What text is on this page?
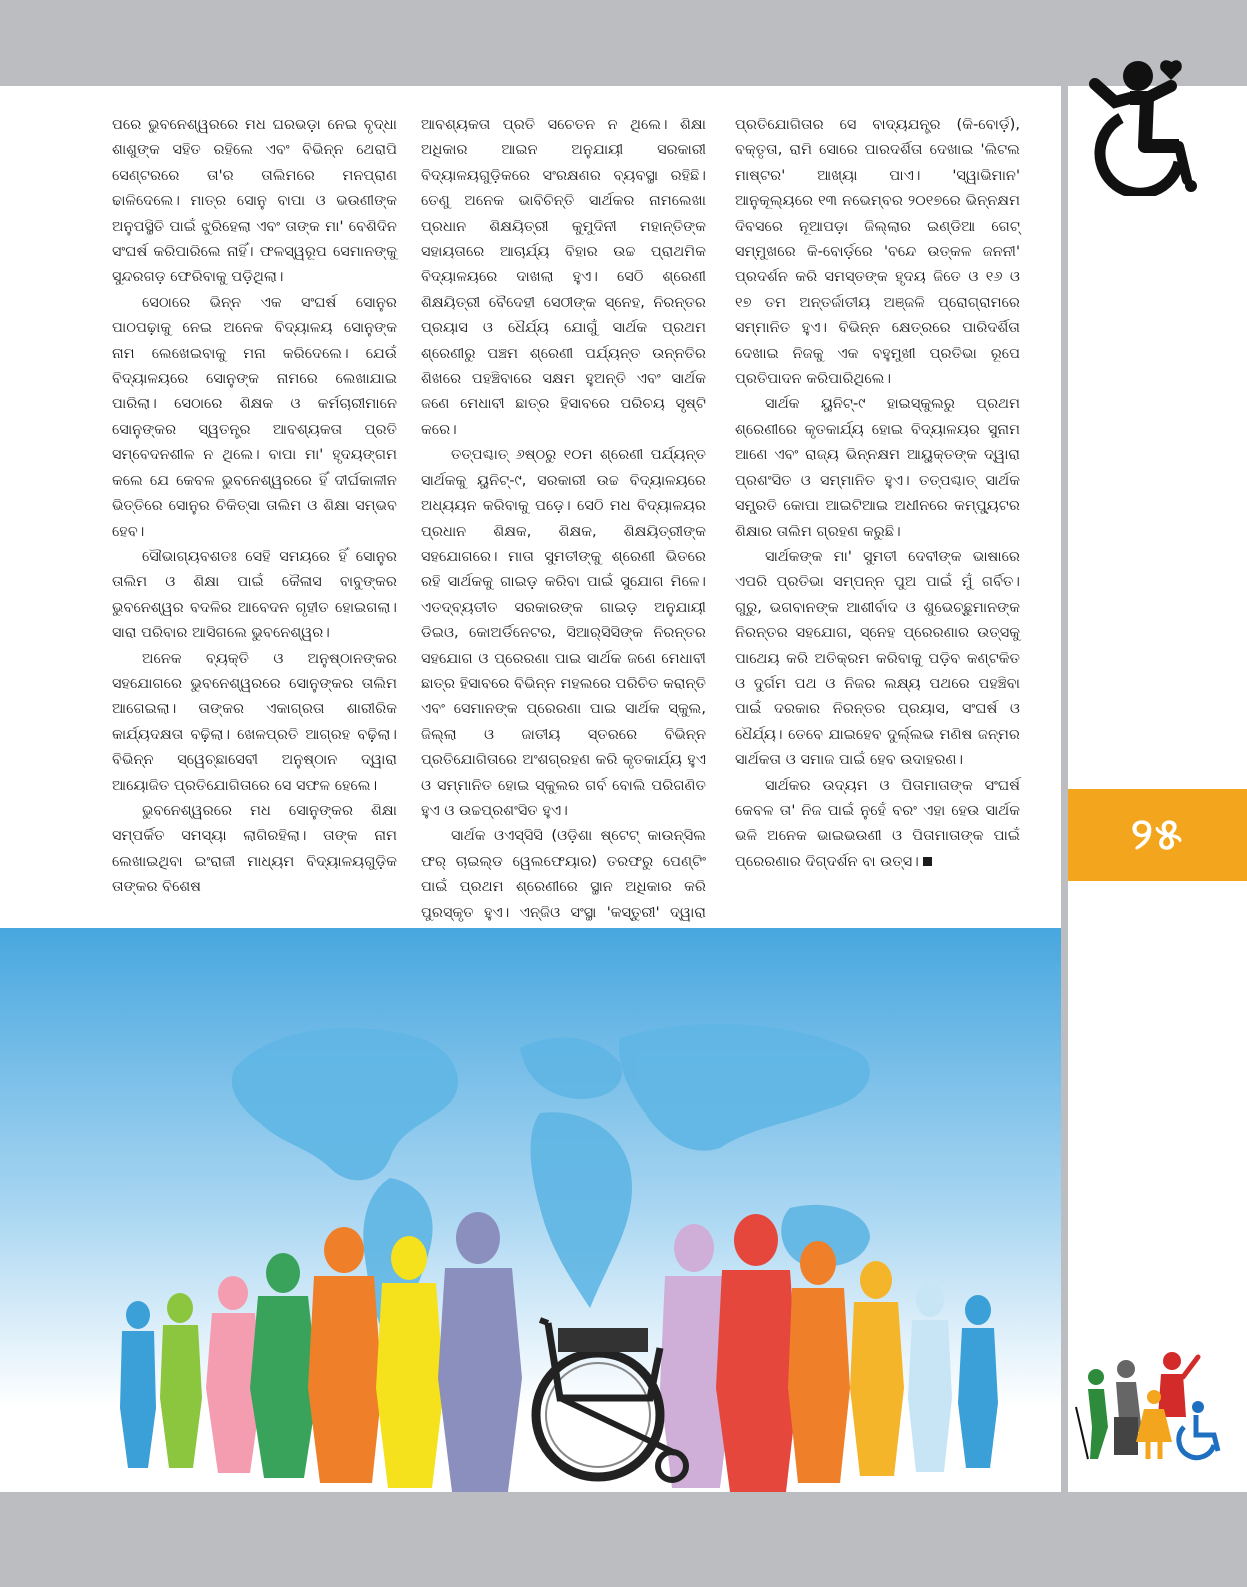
ପରେ ଭୁବନେଶ୍ୱରରେ ମଧ ଘରଭଡ଼ା ନେଇ ବୃଦ୍ଧା ଶାଶୁଙ୍କ ସହିତ ରହିଲେ ଏବଂ ବିଭିନ୍ନ ଥେରାପି ସେଣ୍ଟରରେ ତା'ର ତାଲିମରେ ମନପ୍ରାଣ ଢାଳିଦେଲେ। ମାତ୍ର ସୋନୁ ବାପା ଓ ଭଉଣୀଙ୍କ ଅନୁପସ୍ଥିତି ପାଇଁ ଝୁରିହେଲା ଏବଂ ତାଙ୍କ ମା' ବେଶିଦିନ ସଂଘର୍ଷ କରିପାରିଲେ ନାହିଁ। ଫଳସ୍ୱରୂପ ସେମାନଙ୍କୁ ସୁନ୍ଦରଗଡ଼ ଫେରିବାକୁ ପଡ଼ିଥିଲା।

ସେଠାରେ ଭିନ୍ନ ଏକ ସଂଘର୍ଷ ସୋନୁର ପାଠପଢ଼ାକୁ ନେଇ ଅନେକ ବିଦ୍ୟାଳୟ ସୋନୁଙ୍କ ନାମ ଲେଖେଇବାକୁ ମନା କରିଦେଲେ। ଯେଉଁ ବିଦ୍ୟାଳୟରେ ସୋନୁଙ୍କ ନାମରେ ଲେଖାଯାଇ ପାରିଲା। ସେଠାରେ ଶିକ୍ଷକ ଓ କର୍ମଚାରୀମାନେ ସୋନୁଙ୍କର ସ୍ୱତନ୍ତ୍ର ଆବଶ୍ୟକତା ପ୍ରତି ସମ୍ବେଦନଶୀଳ ନ ଥିଲେ। ବାପା ମା' ହୃଦୟଙ୍ଗମ କଲେ ଯେ କେବଳ ଭୁବନେଶ୍ୱରରେ ହିଁ ଦୀର୍ଘକାଳୀନ ଭିତ୍ତିରେ ସୋନୁର ଚିକିତ୍ସା ତାଲିମ ଓ ଶିକ୍ଷା ସମ୍ଭବ ହେବ।

ସୌଭାଗ୍ୟବଶତଃ ସେହି ସମୟରେ ହିଁ ସୋନୁର ତାଲିମ ଓ ଶିକ୍ଷା ପାଇଁ କୈଳାସ ବାବୁଙ୍କର ଭୁବନେଶ୍ୱର ବଦଳିର ଆବେଦନ ଗୃହୀତ ହୋଇଗଲା। ସାରା ପରିବାର ଆସିଗଲେ ଭୁବନେଶ୍ୱର।

ଅନେକ ବ୍ୟକ୍ତି ଓ ଅନୁଷ୍ଠାନଙ୍କର ସହଯୋଗରେ ଭୁବନେଶ୍ୱରରେ ସୋନୁଙ୍କର ତାଲିମ ଆଗେଇଲା। ତାଙ୍କର ଏକାଗ୍ରତା ଶାରୀରିକ କାର୍ଯ୍ୟଦକ୍ଷତା ବଢ଼ିଲା। ଖେଳପ୍ରତି ଆଗ୍ରହ ବଢ଼ିଲା। ବିଭିନ୍ନ ସ୍ୱେଚ୍ଛାସେବୀ ଅନୁଷ୍ଠାନ ଦ୍ୱାରା ଆୟୋଜିତ ପ୍ରତିଯୋଗିତାରେ ସେ ସଫଳ ହେଲେ।

ଭୁବନେଶ୍ୱରରେ ମଧ ସୋନୁଙ୍କର ଶିକ୍ଷା ସମ୍ପର୍କିତ ସମସ୍ୟା ଲାଗିରହିଲା। ତାଙ୍କ ନାମ ଲେଖାଇଥିବା ଇଂରାଜୀ ମାଧ୍ୟମ ବିଦ୍ୟାଳୟଗୁଡ଼ିକ ତାଙ୍କର ବିଶେଷ

ଆବଶ୍ୟକତା ପ୍ରତି ସଚେତନ ନ ଥିଲେ। ଶିକ୍ଷା ଅଧିକାର ଆଇନ ଅନୁଯାୟୀ ସରକାରୀ ବିଦ୍ୟାଳୟଗୁଡ଼ିକରେ ସଂରକ୍ଷଣର ବ୍ୟବସ୍ଥା ରହିଛି। ତେଣୁ ଅନେକ ଭାବିଚିନ୍ତି ସାର୍ଥକର ନାମଲେଖା ପ୍ରଧାନ ଶିକ୍ଷୟିତ୍ରୀ କୁମୁଦିନୀ ମହାନ୍ତିଙ୍କ ସହାୟତାରେ ଆଚାର୍ଯ୍ୟ ବିହାର ଉଚ୍ଚ ପ୍ରାଥମିକ ବିଦ୍ୟାଳୟରେ ଦାଖଲା ହୁଏ। ସେଠି ଶ୍ରେଣୀ ଶିକ୍ଷୟିତ୍ରୀ ବୈଦେହୀ ସେଠୀଙ୍କ ସ୍ନେହ, ନିରନ୍ତର ପ୍ରୟାସ ଓ ଧୈର୍ଯ୍ୟ ଯୋଗୁଁ ସାର୍ଥକ ପ୍ରଥମ ଶ୍ରେଣୀରୁ ପଞ୍ଚମ ଶ୍ରେଣୀ ପର୍ଯ୍ୟନ୍ତ ଉନ୍ନତିର ଶିଖରେ ପହଞ୍ଚିବାରେ ସକ୍ଷମ ହୁଅନ୍ତି ଏବଂ ସାର୍ଥକ ଜଣେ ମେଧାବୀ ଛାତ୍ର ହିସାବରେ ପରିଚୟ ସୃଷ୍ଟି କରେ।

ତତ୍ପଶ୍ଚାତ୍ ୬ଷ୍ଠରୁ ୧୦ମ ଶ୍ରେଣୀ ପର୍ଯ୍ୟନ୍ତ ସାର୍ଥକକୁ ୟୁନିଟ୍-୯, ସରକାରୀ ଉଚ୍ଚ ବିଦ୍ୟାଳୟରେ ଅଧ୍ୟୟନ କରିବାକୁ ପଡ଼େ। ସେଠି ମଧ ବିଦ୍ୟାଳୟର ପ୍ରଧାନ ଶିକ୍ଷକ, ଶିକ୍ଷକ, ଶିକ୍ଷୟିତ୍ରୀଙ୍କ ସହଯୋଗରେ। ମାତା ସୁମତୀଙ୍କୁ ଶ୍ରେଣୀ ଭିତରେ ରହି ସାର୍ଥକକୁ ଗାଇଡ଼ କରିବା ପାଇଁ ସୁଯୋଗ ମିଳେ। ଏତଦ୍‌ବ୍ୟତୀତ ସରକାରଙ୍କ ଗାଇଡ଼ ଅନୁଯାୟୀ ଡିଇଓ, କୋଅର୍ଡିନେଟର, ସିଆର୍‌ସିସିଙ୍କ ନିରନ୍ତର ସହଯୋଗ ଓ ପ୍ରେରଣା ପାଇ ସାର୍ଥକ ଜଣେ ମେଧାବୀ ଛାତ୍ର ହିସାବରେ ବିଭିନ୍ନ ମହଲରେ ପରିଚିତ କରାନ୍ତି ଏବଂ ସେମାନଙ୍କ ପ୍ରେରଣା ପାଇ ସାର୍ଥକ ସ୍କୁଲ, ଜିଲ୍ଲା ଓ ଜାତୀୟ ସ୍ତରରେ ବିଭିନ୍ନ ପ୍ରତିଯୋଗିତାରେ ଅଂଶଗ୍ରହଣ କରି କୃତକାର୍ଯ୍ୟ ହୁଏ ଓ ସମ୍ମାନିତ ହୋଇ ସ୍କୁଲର ଗର୍ବ ବୋଲି ପରିଗଣିତ ହୁଏ ଓ ଉଚ୍ଚପ୍ରଶଂସିତ ହୁଏ।

ସାର୍ଥକ ଓଏସ୍‌ସିସି (ଓଡ଼ିଶା ଷ୍ଟେଟ୍ କାଉନ୍‌ସିଲ ଫର୍ ଚାଇଲ୍ଡ ୱେଲଫେୟାର) ତରଫରୁ ପେଣ୍ଟିଂ ପାଇଁ ପ୍ରଥମ ଶ୍ରେଣୀରେ ସ୍ଥାନ ଅଧିକାର କରି ପୁରସ୍କୃତ ହୁଏ। ଏନ୍‌ଜିଓ ସଂସ୍ଥା 'କସ୍ତୁରୀ' ଦ୍ୱାରା

ପ୍ରତିଯୋଗିତାର ସେ ବାଦ୍ୟଯନ୍ତ୍ର (କି-ବୋର୍ଡ଼), ବକ୍ତୃତା, ରାମି ସୋରେ ପାରଦର୍ଶିତା ଦେଖାଇ 'ଲିଟଲ ମାଷ୍ଟର' ଆଖ୍ୟା ପାଏ। 'ସ୍ୱାଭିମାନ' ଆନୁକୂଲ୍ୟରେ ୧୩ ନଭେମ୍ବର ୨୦୧୭ରେ ଭିନ୍ନକ୍ଷମ ଦିବସରେ ନୂଆପଡ଼ା ଜିଲ୍ଲାର ଇଣ୍ଡିଆ ଗେଟ୍ ସମ୍ମୁଖରେ କି-ବୋର୍ଡ଼ରେ 'ବନ୍ଦେ ଉତ୍କଳ ଜନନୀ' ପ୍ରଦର୍ଶନ କରି ସମସ୍ତଙ୍କ ହୃଦୟ ଜିତେ ଓ ୧୬ ଓ ୧୭ ତମ ଅନ୍ତର୍ଜାତୀୟ ଅଞ୍ଜଳି ପ୍ରୋଗ୍ରାମରେ ସମ୍ମାନିତ ହୁଏ। ବିଭିନ୍ନ କ୍ଷେତ୍ରରେ ପାରିଦର୍ଶିତା ଦେଖାଇ ନିଜକୁ ଏକ ବହୁମୁଖୀ ପ୍ରତିଭା ରୂପେ ପ୍ରତିପାଦନ କରିପାରିଥିଲେ।

ସାର୍ଥକ ୟୁନିଟ୍-୯ ହାଇସ୍କୁଲରୁ ପ୍ରଥମ ଶ୍ରେଣୀରେ କୃତକାର୍ଯ୍ୟ ହୋଇ ବିଦ୍ୟାଳୟର ସୁନାମ ଆଣେ ଏବଂ ରାଜ୍ୟ ଭିନ୍ନକ୍ଷମ ଆୟୁକ୍ତଙ୍କ ଦ୍ୱାରା ପ୍ରଶଂସିତ ଓ ସମ୍ମାନିତ ହୁଏ। ତତ୍ପଶ୍ଚାତ୍ ସାର୍ଥକ ସମ୍ପ୍ରତି କୋପା ଆଇଟିଆଇ ଅଧୀନରେ କମ୍ପ୍ୟୁଟର ଶିକ୍ଷାର ତାଲିମ ଗ୍ରହଣ କରୁଛି।

ସାର୍ଥକଙ୍କ ମା' ସୁମତୀ ଦେବୀଙ୍କ ଭାଷାରେ ଏପରି ପ୍ରତିଭା ସମ୍ପନ୍ନ ପୁଅ ପାଇଁ ମୁଁ ଗର୍ବିତ। ଗୁରୁ, ଭଗବାନଙ୍କ ଆଶୀର୍ବାଦ ଓ ଶୁଭେଚ୍ଛୁମାନଙ୍କ ନିରନ୍ତର ସହଯୋଗ, ସ୍ନେହ ପ୍ରେରଣାର ଉତ୍ସକୁ ପାଥେୟ କରି ଅତିକ୍ରମ କରିବାକୁ ପଡ଼ିବ କଣ୍ଟକିତ ଓ ଦୁର୍ଗମ ପଥ ଓ ନିଜର ଲକ୍ଷ୍ୟ ପଥରେ ପହଞ୍ଚିବା ପାଇଁ ଦରକାର ନିରନ୍ତର ପ୍ରୟାସ, ସଂଘର୍ଷ ଓ ଧୈର୍ଯ୍ୟ। ତେବେ ଯାଇହେବ ଦୁର୍ଲ୍ଲଭ ମଣିଷ ଜନ୍ମର ସାର୍ଥକତା ଓ ସମାଜ ପାଇଁ ହେବ ଉଦାହରଣ।

ସାର୍ଥକର ଉଦ୍ୟମ ଓ ପିତାମାତାଙ୍କ ସଂଘର୍ଷ କେବଳ ତା' ନିଜ ପାଇଁ ନୁହେଁ ବରଂ ଏହା ହେଉ ସାର୍ଥକ ଭଳି ଅନେକ ଭାଇଭଉଣୀ ଓ ପିତାମାତାଙ୍କ ପାଇଁ ପ୍ରେରଣାର ଦିଗ୍‌ଦର୍ଶନ ବା ଉତ୍ସ।

୨୫
